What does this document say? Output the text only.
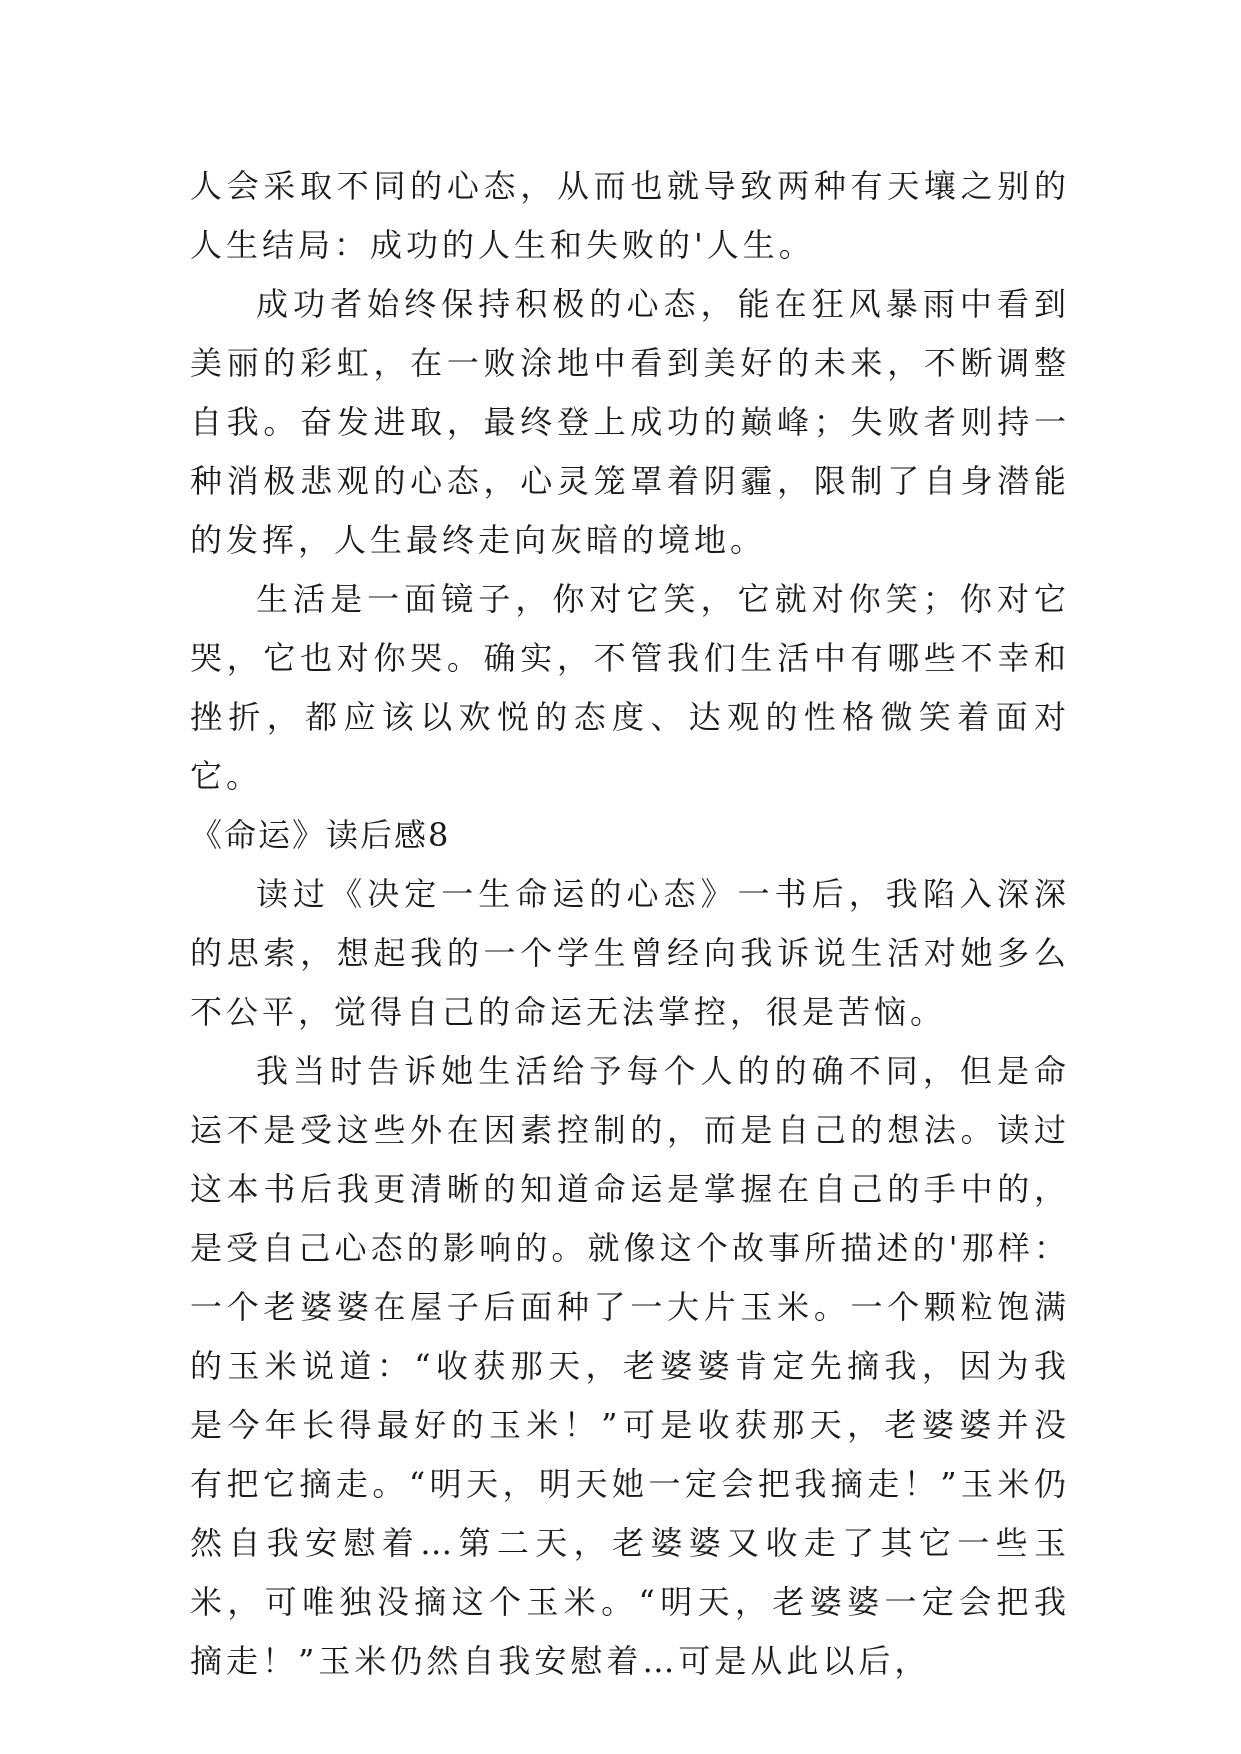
人会采取不同的心态，从而也就导致两种有天壤之别的人生结局：成功的人生和失败的'人生。

成功者始终保持积极的心态，能在狂风暴雨中看到美丽的彩虹，在一败涂地中看到美好的未来，不断调整自我。奋发进取，最终登上成功的巅峰；失败者则持一种消极悲观的心态，心灵笼罩着阴霾，限制了自身潜能的发挥，人生最终走向灰暗的境地。

生活是一面镜子，你对它笑，它就对你笑；你对它哭，它也对你哭。确实，不管我们生活中有哪些不幸和挫折，都应该以欢悦的态度、达观的性格微笑着面对它。

《命运》读后感8

读过《决定一生命运的心态》一书后，我陷入深深的思索，想起我的一个学生曾经向我诉说生活对她多么不公平，觉得自己的命运无法掌控，很是苦恼。

我当时告诉她生活给予每个人的的确不同，但是命运不是受这些外在因素控制的，而是自己的想法。读过这本书后我更清晰的知道命运是掌握在自己的手中的，是受自己心态的影响的。就像这个故事所描述的'那样：一个老婆婆在屋子后面种了一大片玉米。一个颗粒饱满的玉米说道：“收获那天，老婆婆肯定先摘我，因为我是今年长得最好的玉米！”可是收获那天，老婆婆并没有把它摘走。“明天，明天她一定会把我摘走！”玉米仍然自我安慰着…第二天，老婆婆又收走了其它一些玉米，可唯独没摘这个玉米。“明天，老婆婆一定会把我摘走！”玉米仍然自我安慰着…可是从此以后，
